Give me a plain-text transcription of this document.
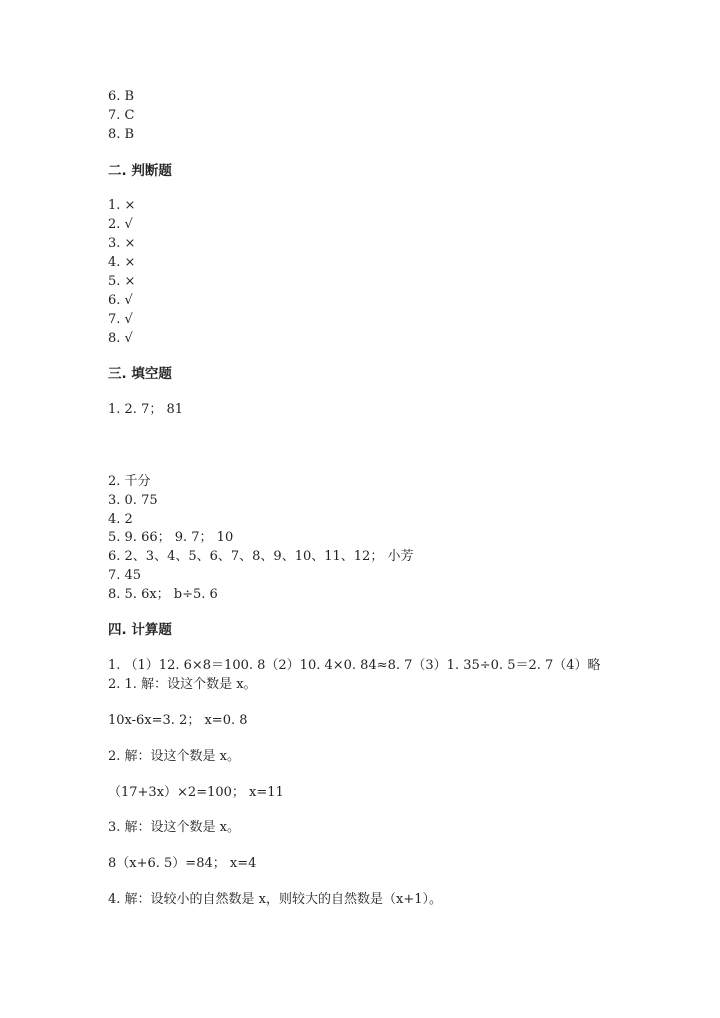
6. B
7. C
8. B
二. 判断题
1. ×
2. √
3. ×
4. ×
5. ×
6. √
7. √
8. √
三. 填空题
1. 2. 7； 81
2. 千分
3. 0. 75
4. 2
5. 9. 66； 9. 7； 10
6. 2、3、4、5、6、7、8、9、10、11、12； 小芳
7. 45
8. 5. 6x； b÷5. 6
四. 计算题
1. （1）12. 6×8＝100. 8（2）10. 4×0. 84≈8. 7（3）1. 35÷0. 5＝2. 7（4）略
2. 1. 解：设这个数是 x。
10x-6x=3. 2； x=0. 8
2. 解：设这个数是 x。
（17+3x）×2=100； x=11
3. 解：设这个数是 x。
8（x+6. 5）=84； x=4
4. 解：设较小的自然数是 x，则较大的自然数是（x+1）。
